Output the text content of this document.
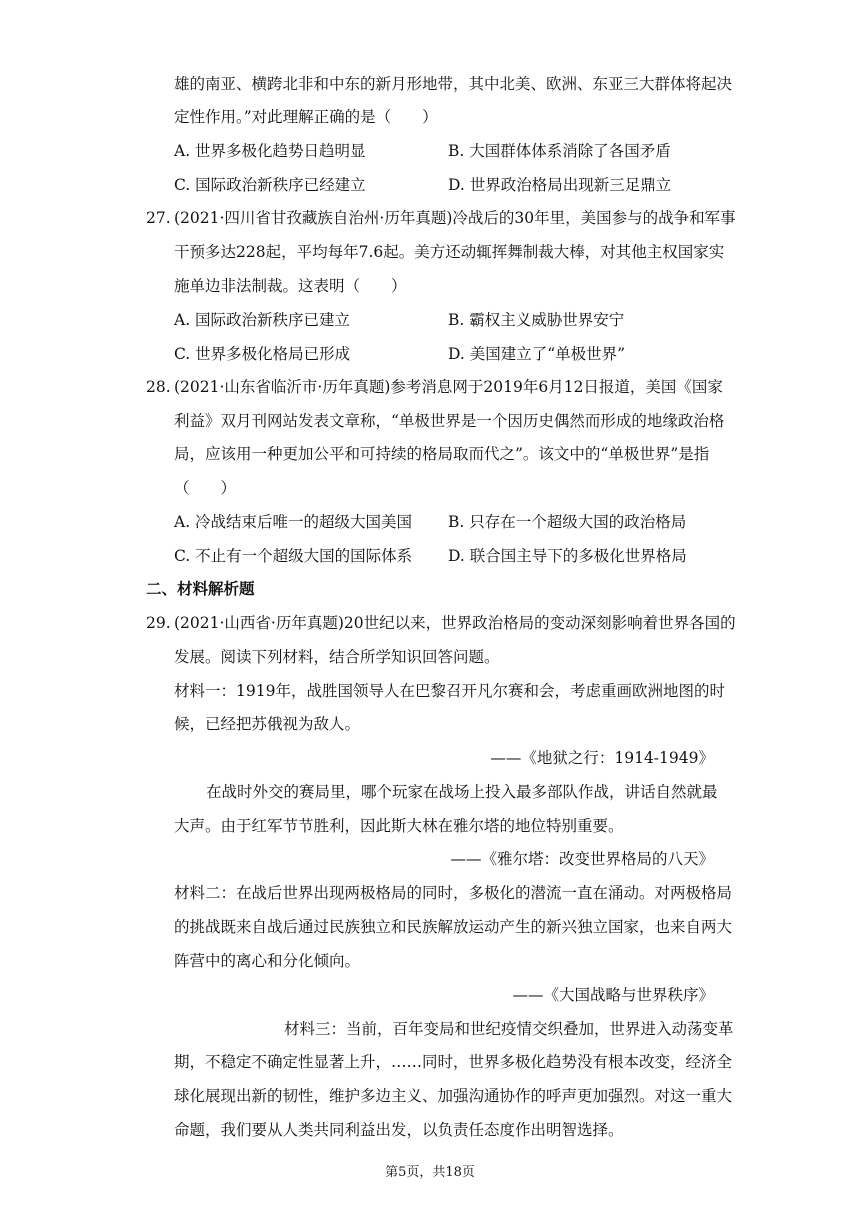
雄的南亚、横跨北非和中东的新月形地带，其中北美、欧洲、东亚三大群体将起决
定性作用。”对此理解正确的是（　　）
A. 世界多极化趋势日趋明显	B. 大国群体体系消除了各国矛盾
C. 国际政治新秩序已经建立	D. 世界政治格局出现新三足鼎立
27. (2021·四川省甘孜藏族自治州·历年真题)冷战后的30年里，美国参与的战争和军事
干预多达228起，平均每年7.6起。美方还动辄挥舞制裁大棒，对其他主权国家实
施单边非法制裁。这表明（　　）
A. 国际政治新秩序已建立	B. 霸权主义威胁世界安宁
C. 世界多极化格局已形成	D. 美国建立了“单极世界”
28. (2021·山东省临沂市·历年真题)参考消息网于2019年6月12日报道，美国《国家
利益》双月刊网站发表文章称，“单极世界是一个因历史偶然而形成的地缘政治格
局，应该用一种更加公平和可持续的格局取而代之”。该文中的“单极世界”是指
（　　）
A. 冷战结束后唯一的超级大国美国 B. 只存在一个超级大国的政治格局
C. 不止有一个超级大国的国际体系 D. 联合国主导下的多极化世界格局
二、材料解析题
29. (2021·山西省·历年真题)20世纪以来，世界政治格局的变动深刻影响着世界各国的
发展。阅读下列材料，结合所学知识回答问题。
材料一：1919年，战胜国领导人在巴黎召开凡尔赛和会，考虑重画欧洲地图的时
候，已经把苏俄视为敌人。
——《地狱之行：1914-1949》
在战时外交的赛局里，哪个玩家在战场上投入最多部队作战，讲话自然就最
大声。由于红军节节胜利，因此斯大林在雅尔塔的地位特别重要。
——《雅尔塔：改变世界格局的八天》
材料二：在战后世界出现两极格局的同时，多极化的潜流一直在涌动。对两极格局
的挑战既来自战后通过民族独立和民族解放运动产生的新兴独立国家，也来自两大
阵营中的离心和分化倾向。
——《大国战略与世界秩序》
材料三：当前，百年变局和世纪疫情交织叠加，世界进入动荡变革
期，不稳定不确定性显著上升，……同时，世界多极化趋势没有根本改变，经济全
球化展现出新的韧性，维护多边主义、加强沟通协作的呼声更加强烈。对这一重大
命题，我们要从人类共同利益出发，以负责任态度作出明智选择。
第5页，共18页
